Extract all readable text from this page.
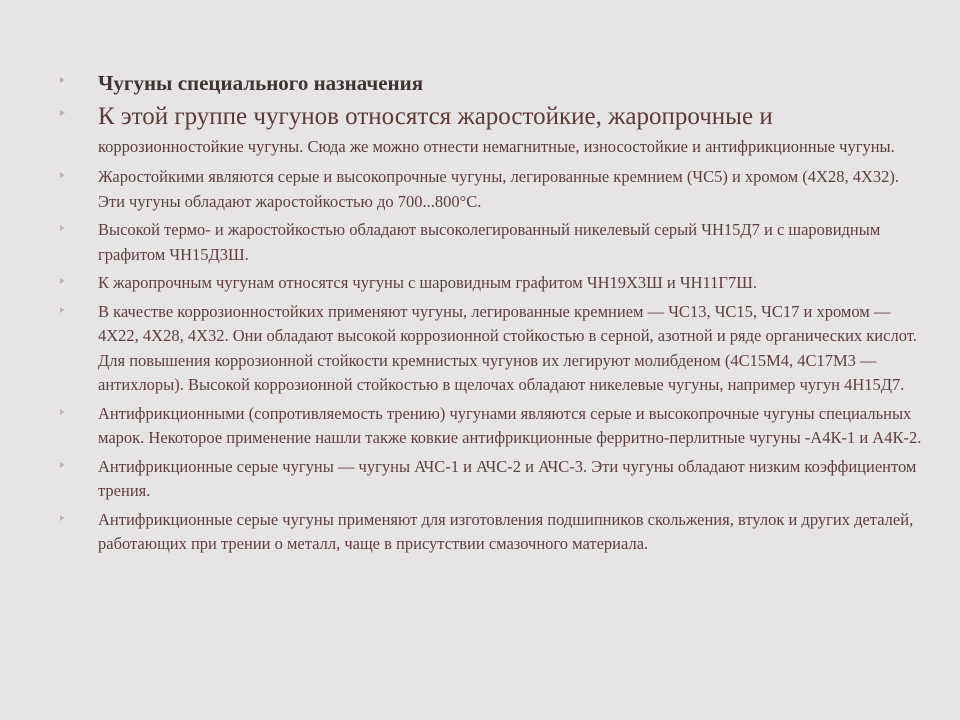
Чугуны специального назначения
К этой группе чугунов относятся жаростойкие, жаропрочные и
коррозионностойкие чугуны. Сюда же можно отнести немагнитные, износостойкие и антифрикционные чугуны.
Жаростойкими являются серые и высокопрочные чугуны, легированные кремнием (ЧС5) и хромом (4Х28, 4Х32). Эти чугуны обладают жаростойкостью до 700...800°С.
Высокой термо- и жаростойкостью обладают высоколегированный никелевый серый ЧН15Д7 и с шаровидным графитом ЧН15Д3Ш.
К жаропрочным чугунам относятся чугуны с шаровидным графитом ЧН19Х3Ш и ЧН11Г7Ш.
В качестве коррозионностойких применяют чугуны, легированные кремнием — ЧС13, ЧС15, ЧС17 и хромом — 4Х22, 4Х28, 4Х32. Они обладают высокой коррозионной стойкостью в серной, азотной и ряде органических кислот. Для повышения коррозионной стойкости кремнистых чугунов их легируют молибденом (4С15М4, 4С17М3 — антихлоры). Высокой коррозионной стойкостью в щелочах обладают никелевые чугуны, например чугун 4Н15Д7.
Антифрикционными (сопротивляемость трению) чугунами являются серые и высокопрочные чугуны специальных марок. Некоторое применение нашли также ковкие антифрикционные ферритно-перлитные чугуны -А4К-1 и А4К-2.
Антифрикционные серые чугуны — чугуны АЧС-1 и АЧС-2 и АЧС-3. Эти чугуны обладают низким коэффициентом трения.
Антифрикционные серые чугуны применяют для изготовления подшипников скольжения, втулок и других деталей, работающих при трении о металл, чаще в присутствии смазочного материала.
